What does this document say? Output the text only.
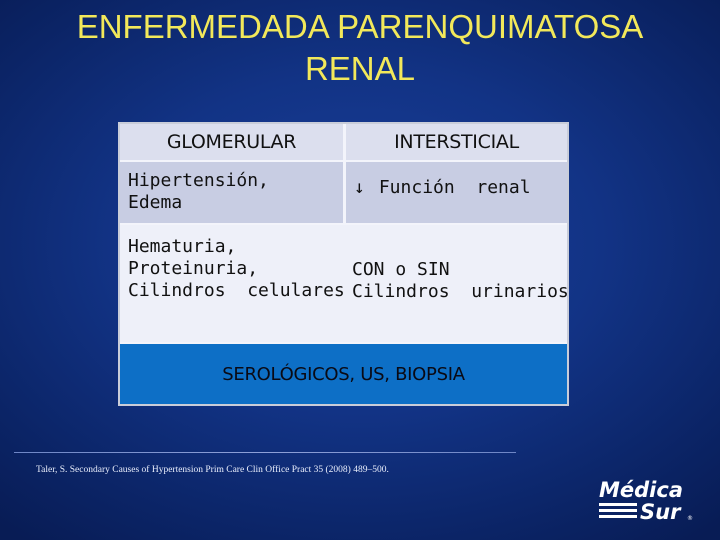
ENFERMEDADA PARENQUIMATOSA
RENAL
GLOMERULAR	INTERSTICIAL
Hipertensión,
Edema
↓ Función  renal
Hematuria,
Proteinuria,
Cilindros  celulares
CON o SIN
Cilindros  urinarios
SEROLÓGICOS, US, BIOPSIA
Taler, S. Secondary Causes of Hypertension Prim Care Clin Office Pract 35 (2008) 489–500.
Médica
Sur ®
